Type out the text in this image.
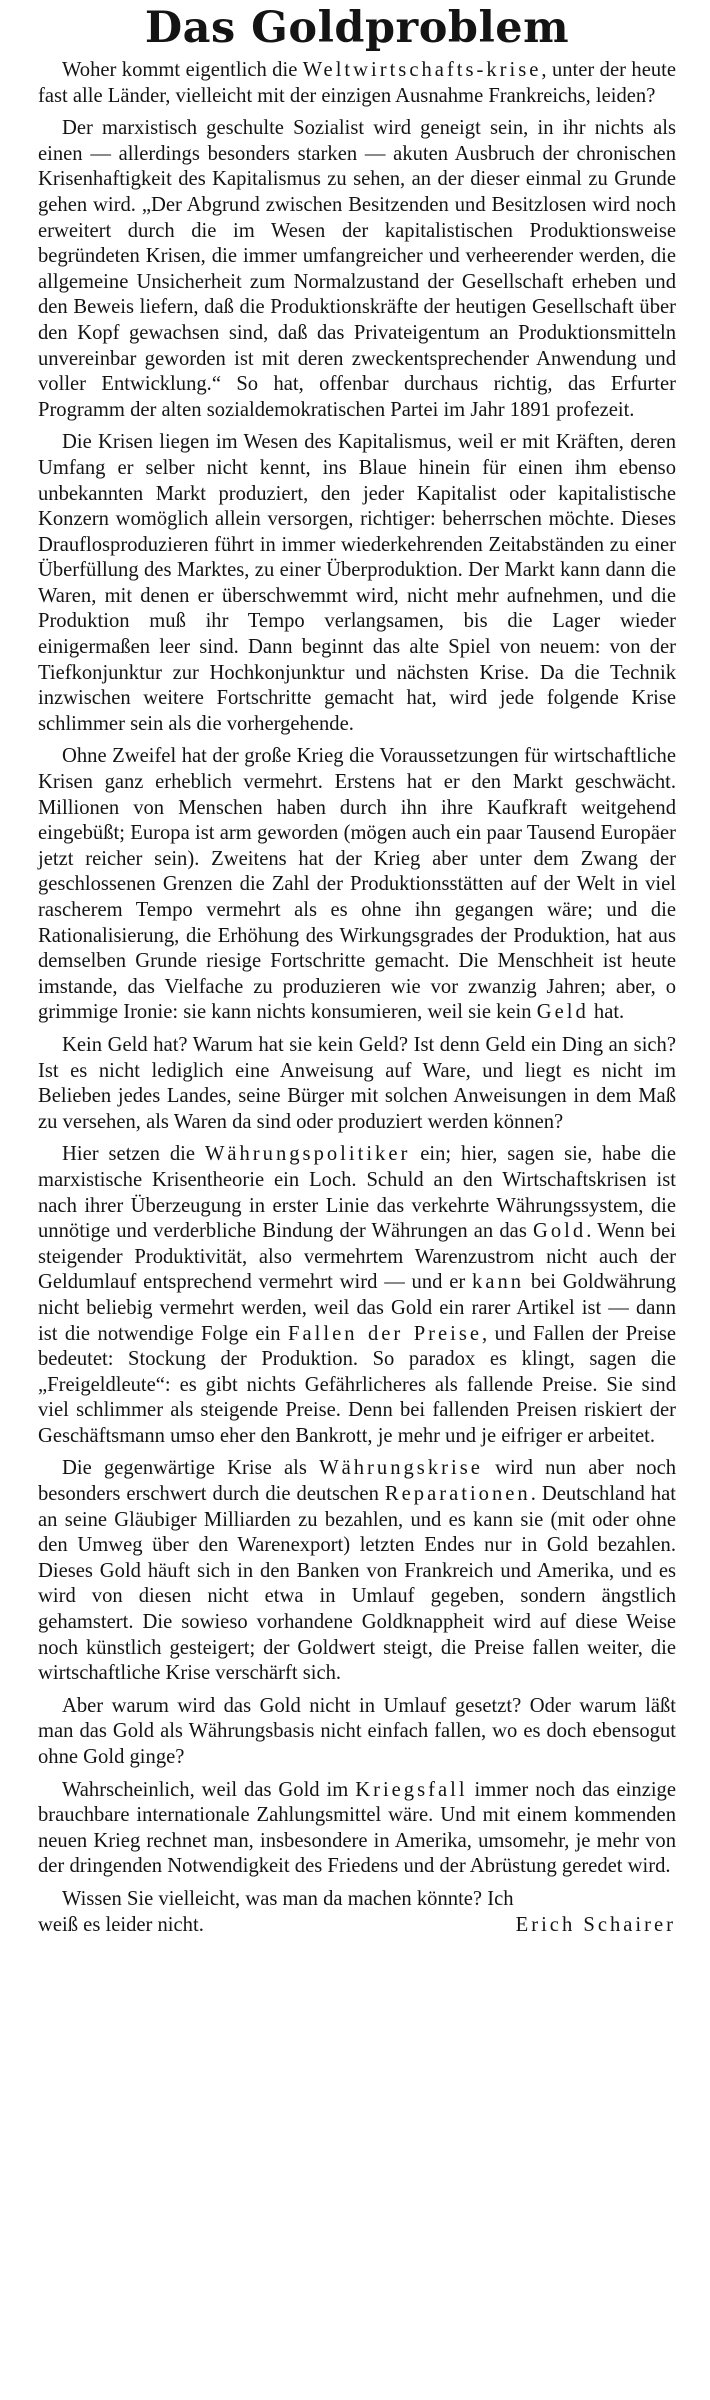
Das Goldproblem

Woher kommt eigentlich die Weltwirtschafts-krise, unter der heute fast alle Länder, vielleicht mit der einzigen Ausnahme Frankreichs, leiden?

Der marxistisch geschulte Sozialist wird geneigt sein, in ihr nichts als einen — allerdings besonders starken — akuten Ausbruch der chronischen Krisenhaftigkeit des Kapitalismus zu sehen, an der dieser einmal zu Grunde gehen wird. „Der Abgrund zwischen Besitzenden und Besitzlosen wird noch erweitert durch die im Wesen der kapitalistischen Produktionsweise begründeten Krisen, die immer umfangreicher und verheerender werden, die allgemeine Unsicherheit zum Normalzustand der Gesellschaft erheben und den Beweis liefern, daß die Produktionskräfte der heutigen Gesellschaft über den Kopf gewachsen sind, daß das Privateigentum an Produktionsmitteln unvereinbar geworden ist mit deren zweckentsprechender Anwendung und voller Entwicklung.“ So hat, offenbar durchaus richtig, das Erfurter Programm der alten sozialdemokratischen Partei im Jahr 1891 profezeit.

Die Krisen liegen im Wesen des Kapitalismus, weil er mit Kräften, deren Umfang er selber nicht kennt, ins Blaue hinein für einen ihm ebenso unbekannten Markt produziert, den jeder Kapitalist oder kapitalistische Konzern womöglich allein versorgen, richtiger: beherrschen möchte. Dieses Drauflosproduzieren führt in immer wiederkehrenden Zeitabständen zu einer Überfüllung des Marktes, zu einer Überproduktion. Der Markt kann dann die Waren, mit denen er überschwemmt wird, nicht mehr aufnehmen, und die Produktion muß ihr Tempo verlangsamen, bis die Lager wieder einigermaßen leer sind. Dann beginnt das alte Spiel von neuem: von der Tiefkonjunktur zur Hochkonjunktur und nächsten Krise. Da die Technik inzwischen weitere Fortschritte gemacht hat, wird jede folgende Krise schlimmer sein als die vorhergehende.

Ohne Zweifel hat der große Krieg die Voraussetzungen für wirtschaftliche Krisen ganz erheblich vermehrt. Erstens hat er den Markt geschwächt. Millionen von Menschen haben durch ihn ihre Kaufkraft weitgehend eingebüßt; Europa ist arm geworden (mögen auch ein paar Tausend Europäer jetzt reicher sein). Zweitens hat der Krieg aber unter dem Zwang der geschlossenen Grenzen die Zahl der Produktionsstätten auf der Welt in viel rascherem Tempo vermehrt als es ohne ihn gegangen wäre; und die Rationalisierung, die Erhöhung des Wirkungsgrades der Produktion, hat aus demselben Grunde riesige Fortschritte gemacht. Die Menschheit ist heute imstande, das Vielfache zu produzieren wie vor zwanzig Jahren; aber, o grimmige Ironie: sie kann nichts konsumieren, weil sie kein Geld hat.

Kein Geld hat? Warum hat sie kein Geld? Ist denn Geld ein Ding an sich? Ist es nicht lediglich eine Anweisung auf Ware, und liegt es nicht im Belieben jedes Landes, seine Bürger mit solchen Anweisungen in dem Maß zu versehen, als Waren da sind oder produziert werden können?

Hier setzen die Währungspolitiker ein; hier, sagen sie, habe die marxistische Krisentheorie ein Loch. Schuld an den Wirtschaftskrisen ist nach ihrer Überzeugung in erster Linie das verkehrte Währungssystem, die unnötige und verderbliche Bindung der Währungen an das Gold. Wenn bei steigender Produktivität, also vermehrtem Warenzustrom nicht auch der Geldumlauf entsprechend vermehrt wird — und er kann bei Goldwährung nicht beliebig vermehrt werden, weil das Gold ein rarer Artikel ist — dann ist die notwendige Folge ein Fallen der Preise, und Fallen der Preise bedeutet: Stockung der Produktion. So paradox es klingt, sagen die „Freigeldleute“: es gibt nichts Gefährlicheres als fallende Preise. Sie sind viel schlimmer als steigende Preise. Denn bei fallenden Preisen riskiert der Geschäftsmann umso eher den Bankrott, je mehr und je eifriger er arbeitet.

Die gegenwärtige Krise als Währungskrise wird nun aber noch besonders erschwert durch die deutschen Reparationen. Deutschland hat an seine Gläubiger Milliarden zu bezahlen, und es kann sie (mit oder ohne den Umweg über den Warenexport) letzten Endes nur in Gold bezahlen. Dieses Gold häuft sich in den Banken von Frankreich und Amerika, und es wird von diesen nicht etwa in Umlauf gegeben, sondern ängstlich gehamstert. Die sowieso vorhandene Goldknappheit wird auf diese Weise noch künstlich gesteigert; der Goldwert steigt, die Preise fallen weiter, die wirtschaftliche Krise verschärft sich.

Aber warum wird das Gold nicht in Umlauf gesetzt? Oder warum läßt man das Gold als Währungsbasis nicht einfach fallen, wo es doch ebensogut ohne Gold ginge?

Wahrscheinlich, weil das Gold im Kriegsfall immer noch das einzige brauchbare internationale Zahlungsmittel wäre. Und mit einem kommenden neuen Krieg rechnet man, insbesondere in Amerika, umsomehr, je mehr von der dringenden Notwendigkeit des Friedens und der Abrüstung geredet wird.

Wissen Sie vielleicht, was man da machen könnte? Ich

weiß es leider nicht.	Erich Schairer
